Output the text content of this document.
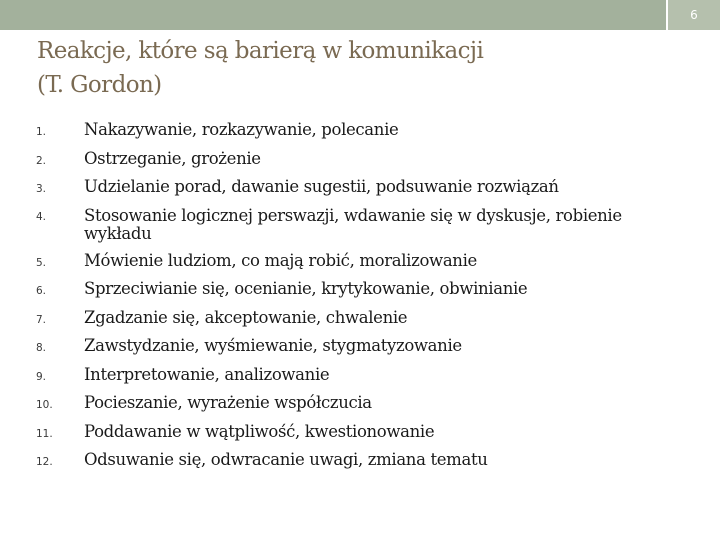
6
Reakcje, które są barierą w komunikacji
(T. Gordon)
1.	Nakazywanie, rozkazywanie, polecanie
2.	Ostrzeganie, grożenie
3.	Udzielanie porad, dawanie sugestii, podsuwanie rozwiązań
4.	Stosowanie logicznej perswazji, wdawanie się w dyskusje, robienie wykładu
5.	Mówienie ludziom, co mają robić, moralizowanie
6.	Sprzeciwianie się, ocenianie, krytykowanie, obwinianie
7.	Zgadzanie się, akceptowanie, chwalenie
8.	Zawstydzanie, wyśmiewanie, stygmatyzowanie
9.	Interpretowanie, analizowanie
10.	Pocieszanie, wyrażenie współczucia
11.	Poddawanie w wątpliwość, kwestionowanie
12.	Odsuwanie się, odwracanie uwagi, zmiana tematu
